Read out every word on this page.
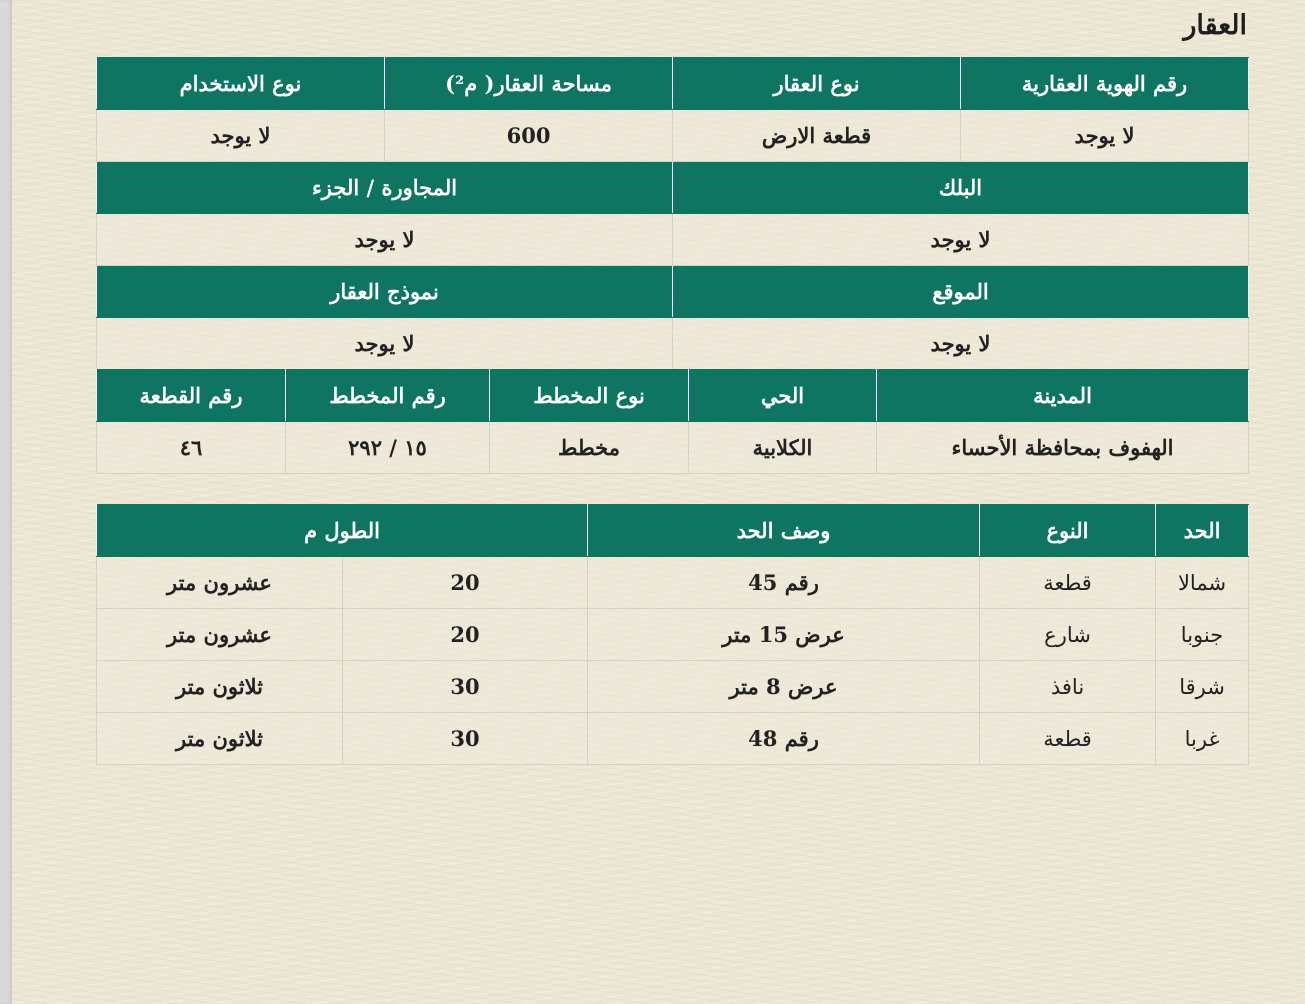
العقار
رقم الهوية العقارية	نوع العقار	مساحة العقار( م²)	نوع الاستخدام
لا يوجد	قطعة الارض	600	لا يوجد
البلك		المجاورة / الجزء	
لا يوجد		لا يوجد	
الموقع		نموذج العقار	
لا يوجد		لا يوجد	
المدينة	الحي	نوع المخطط	رقم المخطط	رقم القطعة
الهفوف بمحافظة الأحساء	الكلابية	مخطط	١٥ / ٢٩٢	٤٦
الحد	النوع	وصف الحد	الطول م	
شمالا	قطعة	رقم 45	20	عشرون متر
جنوبا	شارع	عرض 15 متر	20	عشرون متر
شرقا	نافذ	عرض 8 متر	30	ثلاثون متر
غربا	قطعة	رقم 48	30	ثلاثون متر
